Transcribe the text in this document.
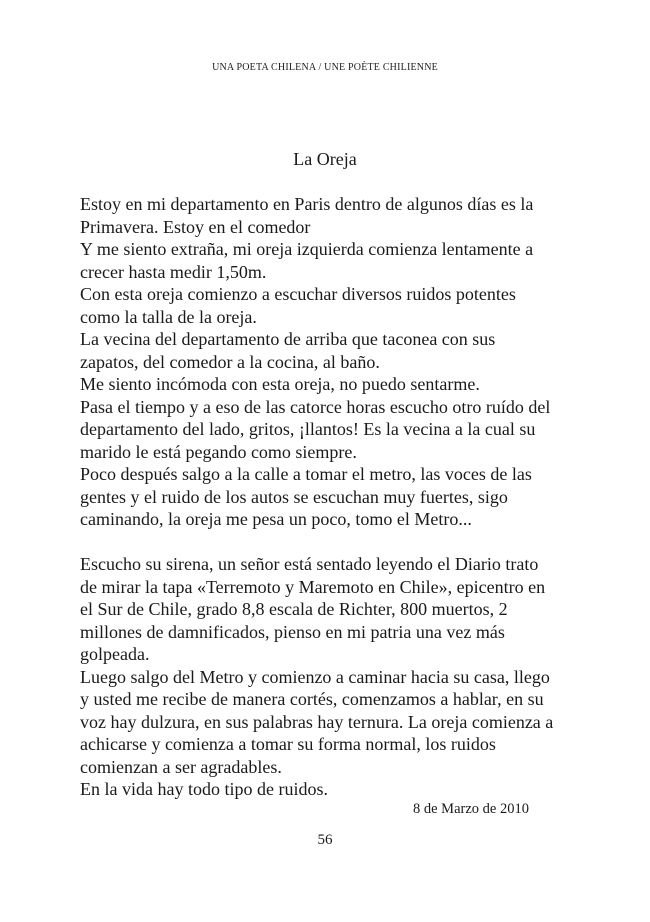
UNA POETA CHILENA / UNE POÈTE CHILIENNE
La Oreja
Estoy en mi departamento en Paris dentro de algunos días es la
Primavera. Estoy en el comedor
Y me siento extraña, mi oreja izquierda comienza lentamente a
crecer hasta medir 1,50m.
Con esta oreja comienzo a escuchar diversos ruidos potentes
como la talla de la oreja.
La vecina del departamento de arriba que taconea con sus
zapatos, del comedor a la cocina, al baño.
Me siento incómoda con esta oreja, no puedo sentarme.
Pasa el tiempo y a eso de las catorce horas escucho otro ruído del
departamento del lado, gritos, ¡llantos! Es la vecina a la cual su
marido le está pegando como siempre.
Poco después salgo a la calle a tomar el metro, las voces de las
gentes y el ruido de los autos se escuchan muy fuertes, sigo
caminando, la oreja me pesa un poco, tomo el Metro...
Escucho su sirena, un señor está sentado leyendo el Diario trato
de mirar la tapa «Terremoto y Maremoto en Chile», epicentro en
el Sur de Chile, grado 8,8 escala de Richter, 800 muertos, 2
millones de damnificados, pienso en mi patria una vez más
golpeada.
Luego salgo del Metro y comienzo a caminar hacia su casa, llego
y usted me recibe de manera cortés, comenzamos a hablar, en su
voz hay dulzura, en sus palabras hay ternura. La oreja comienza a
achicarse y comienza a tomar su forma normal, los ruidos
comienzan a ser agradables.
En la vida hay todo tipo de ruidos.
8 de Marzo de 2010
56
